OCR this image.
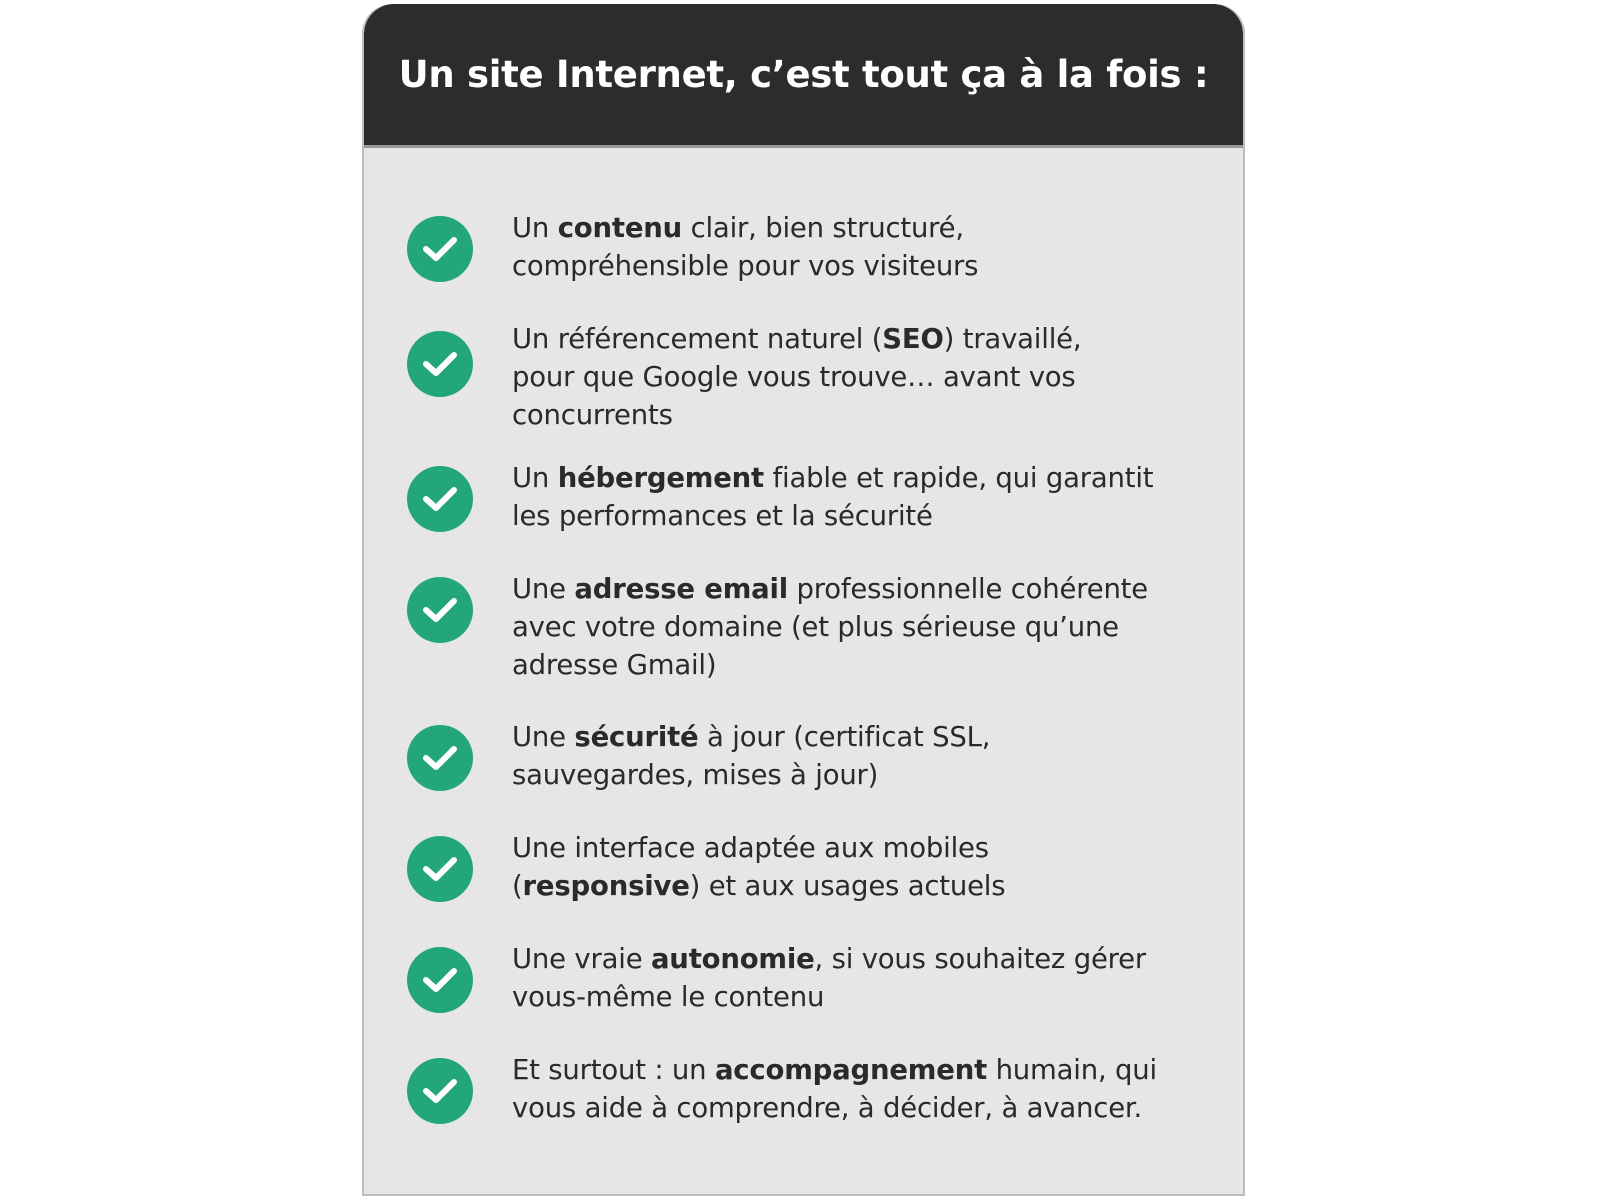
Un site Internet, c’est tout ça à la fois :
Un contenu clair, bien structuré,
compréhensible pour vos visiteurs
Un référencement naturel (SEO) travaillé,
pour que Google vous trouve… avant vos
concurrents
Un hébergement fiable et rapide, qui garantit
les performances et la sécurité
Une adresse email professionnelle cohérente
avec votre domaine (et plus sérieuse qu’une
adresse Gmail)
Une sécurité à jour (certificat SSL,
sauvegardes, mises à jour)
Une interface adaptée aux mobiles
(responsive) et aux usages actuels
Une vraie autonomie, si vous souhaitez gérer
vous-même le contenu
Et surtout : un accompagnement humain, qui
vous aide à comprendre, à décider, à avancer.
